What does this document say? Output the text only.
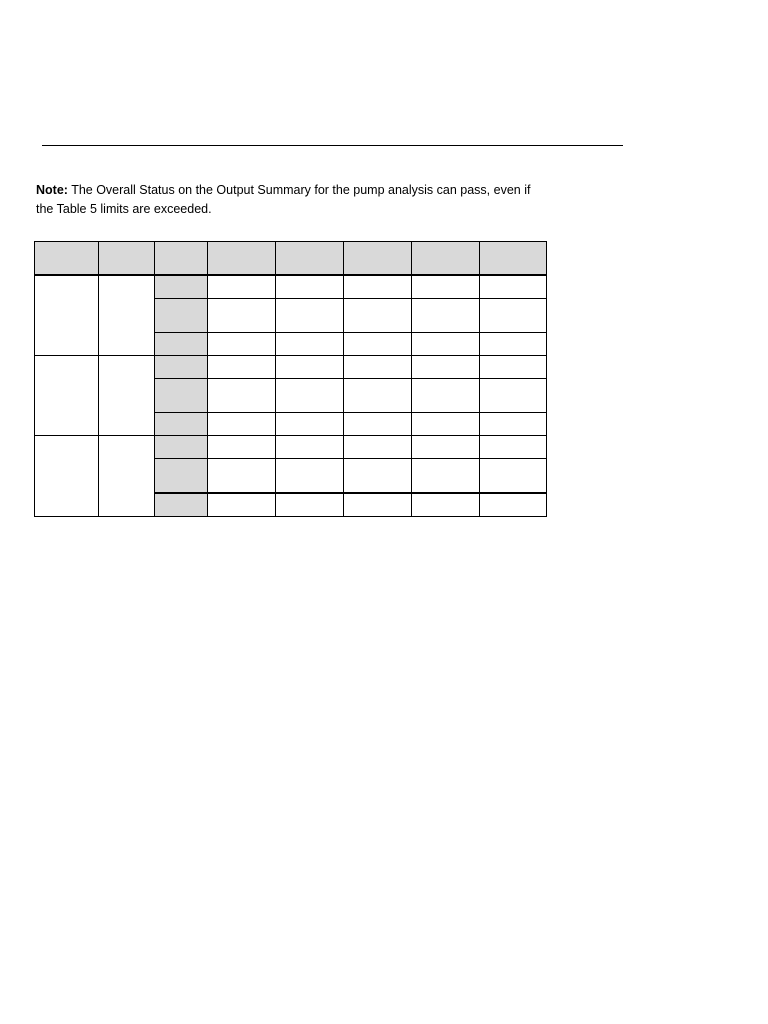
Note: The Overall Status on the Output Summary for the pump analysis can pass, even if
the Table 5 limits are exceeded.
